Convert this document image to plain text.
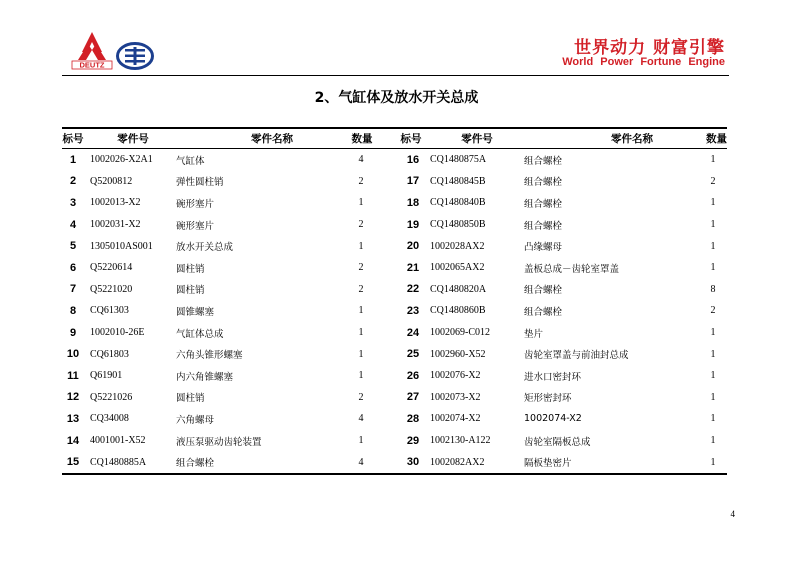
DEUTZ
世界动力 财富引擎
World Power Fortune Engine
2、气缸体及放水开关总成
标号	零件号	零件名称	数量	标号	零件号	零件名称	数量
1	1002026-X2A1	气缸体	4	16	CQ1480875A	组合螺栓	1
2	Q5200812	弹性圆柱销	2	17	CQ1480845B	组合螺栓	2
3	1002013-X2	碗形塞片	1	18	CQ1480840B	组合螺栓	1
4	1002031-X2	碗形塞片	2	19	CQ1480850B	组合螺栓	1
5	1305010AS001	放水开关总成	1	20	1002028AX2	凸缘螺母	1
6	Q5220614	圆柱销	2	21	1002065AX2	盖板总成－齿轮室罩盖	1
7	Q5221020	圆柱销	2	22	CQ1480820A	组合螺栓	8
8	CQ61303	圆锥螺塞	1	23	CQ1480860B	组合螺栓	2
9	1002010-26E	气缸体总成	1	24	1002069-C012	垫片	1
10	CQ61803	六角头锥形螺塞	1	25	1002960-X52	齿轮室罩盖与前油封总成	1
11	Q61901	内六角锥螺塞	1	26	1002076-X2	进水口密封环	1
12	Q5221026	圆柱销	2	27	1002073-X2	矩形密封环	1
13	CQ34008	六角螺母	4	28	1002074-X2	1002074-X2	1
14	4001001-X52	液压泵驱动齿轮装置	1	29	1002130-A122	齿轮室隔板总成	1
15	CQ1480885A	组合螺栓	4	30	1002082AX2	隔板垫密片	1
4
